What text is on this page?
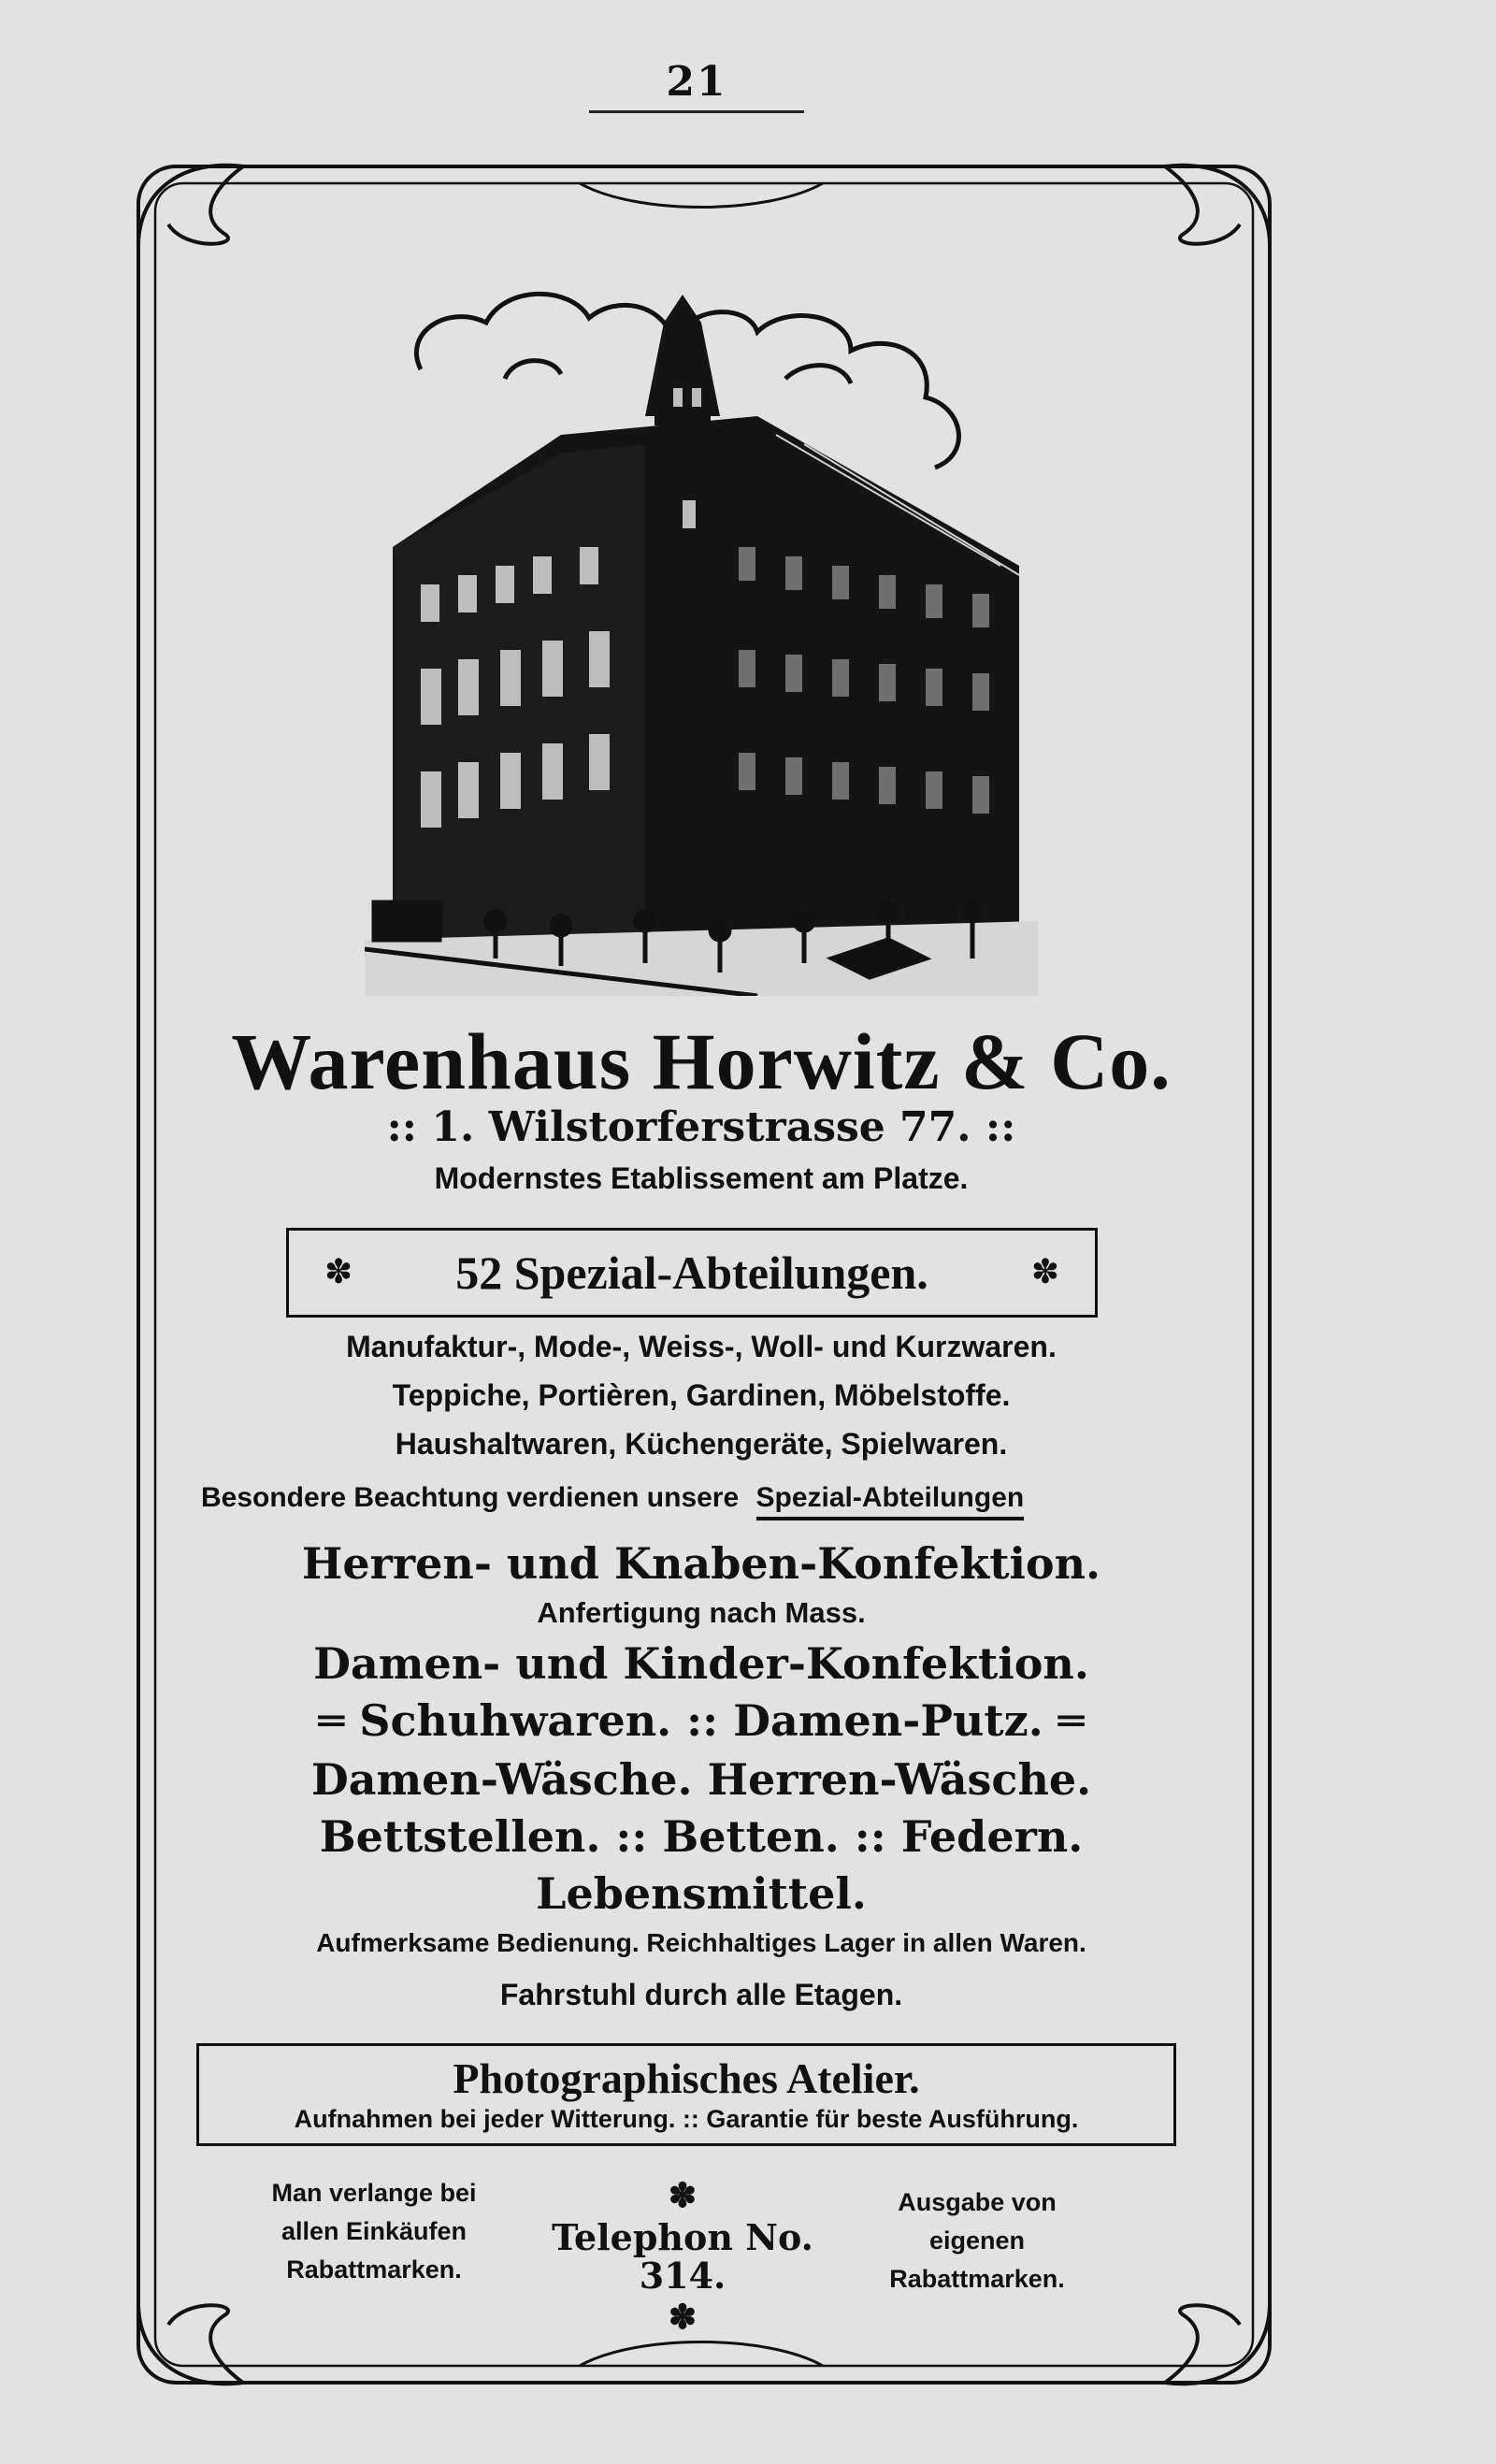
21
Warenhaus Horwitz & Co.
:: 1. Wilstorferstrasse 77. ::
Modernstes Etablissement am Platze.
✽ 52 Spezial-Abteilungen.	✽
Manufaktur-, Mode-, Weiss-, Woll- und Kurzwaren.
Teppiche, Portièren, Gardinen, Möbelstoffe.
Haushaltwaren, Küchengeräte, Spielwaren.
Besondere Beachtung verdienen unsere Spezial-Abteilungen
Herren- und Knaben-Konfektion.
Anfertigung nach Mass.
Damen- und Kinder-Konfektion.
═ Schuhwaren. :: Damen-Putz. ═
Damen-Wäsche. Herren-Wäsche.
Bettstellen. :: Betten. :: Federn.
Lebensmittel.
Aufmerksame Bedienung. Reichhaltiges Lager in allen Waren.
Fahrstuhl durch alle Etagen.
Photographisches Atelier.
Aufnahmen bei jeder Witterung. :: Garantie für beste Ausführung.
Man verlange bei
allen Einkäufen
Rabattmarken.
✽
Telephon No. 314.
✽
Ausgabe von
eigenen
Rabattmarken.
